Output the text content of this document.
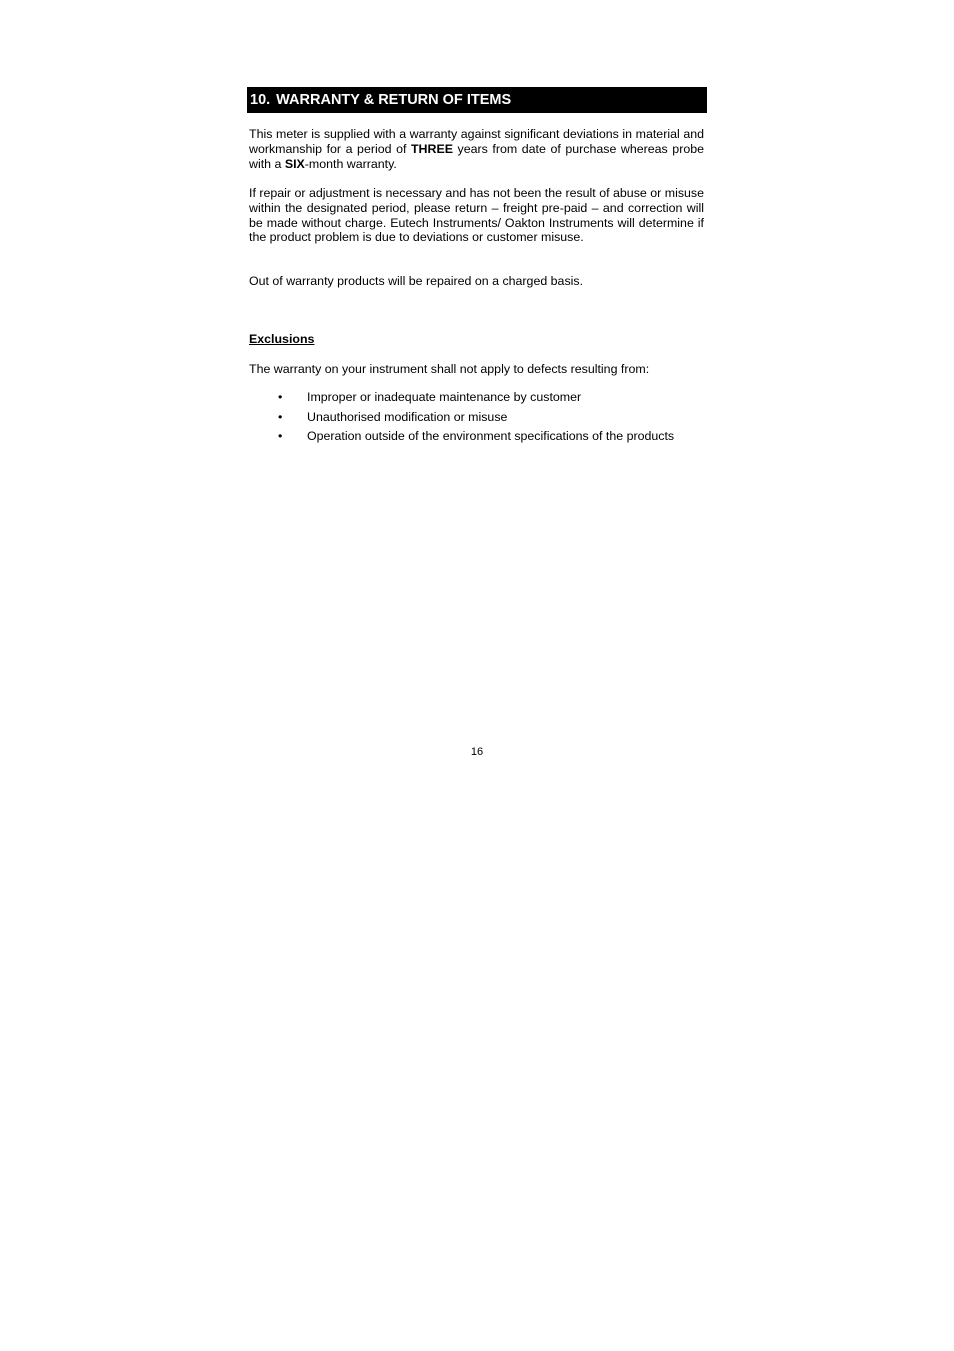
10. WARRANTY & RETURN OF ITEMS
This meter is supplied with a warranty against significant deviations in material and workmanship for a period of THREE years from date of purchase whereas probe with a SIX-month warranty.
If repair or adjustment is necessary and has not been the result of abuse or misuse within the designated period, please return – freight pre-paid – and correction will be made without charge. Eutech Instruments/ Oakton Instruments will determine if the product problem is due to deviations or customer misuse.
Out of warranty products will be repaired on a charged basis.
Exclusions
The warranty on your instrument shall not apply to defects resulting from:
• Improper or inadequate maintenance by customer
• Unauthorised modification or misuse
• Operation outside of the environment specifications of the products
16
